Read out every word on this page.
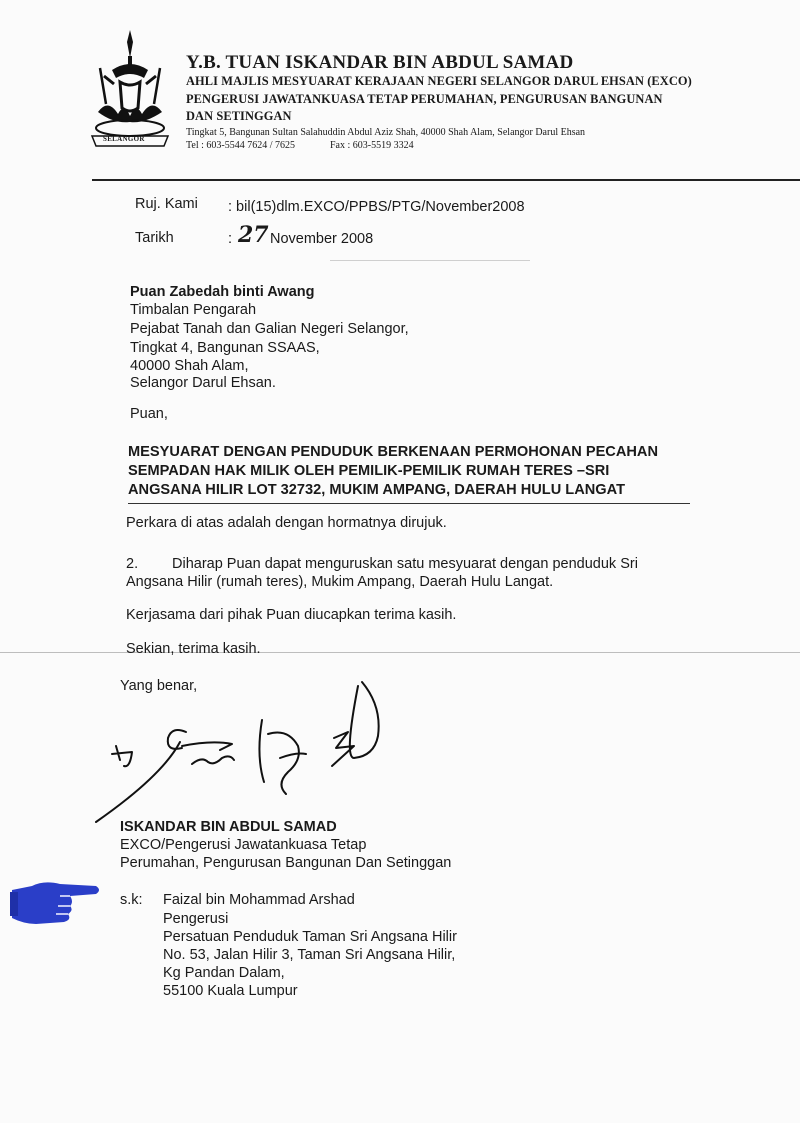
SELANGOR
Y.B. TUAN ISKANDAR BIN ABDUL SAMAD
AHLI MAJLIS MESYUARAT KERAJAAN NEGERI SELANGOR DARUL EHSAN (EXCO)
PENGERUSI JAWATANKUASA TETAP PERUMAHAN, PENGURUSAN BANGUNAN
DAN SETINGGAN
Tingkat 5, Bangunan Sultan Salahuddin Abdul Aziz Shah, 40000 Shah Alam, Selangor Darul Ehsan
Tel : 603-5544 7624 / 7625	Fax : 603-5519 3324
Ruj. Kami : bil(15)dlm.EXCO/PPBS/PTG/November2008
Tarikh	: 27 November 2008
Puan Zabedah binti Awang
Timbalan Pengarah
Pejabat Tanah dan Galian Negeri Selangor,
Tingkat 4, Bangunan SSAAS,
40000 Shah Alam,
Selangor Darul Ehsan.
Puan,
MESYUARAT DENGAN PENDUDUK BERKENAAN PERMOHONAN PECAHAN
SEMPADAN HAK MILIK OLEH PEMILIK-PEMILIK RUMAH TERES –SRI
ANGSANA HILIR LOT 32732, MUKIM AMPANG, DAERAH HULU LANGAT
Perkara di atas adalah dengan hormatnya dirujuk.
2. Diharap Puan dapat menguruskan satu mesyuarat dengan penduduk Sri
Angsana Hilir (rumah teres), Mukim Ampang, Daerah Hulu Langat.
Kerjasama dari pihak Puan diucapkan terima kasih.
Sekian, terima kasih.
Yang benar,
ISKANDAR BIN ABDUL SAMAD
EXCO/Pengerusi Jawatankuasa Tetap
Perumahan, Pengurusan Bangunan Dan Setinggan
s.k: Faizal bin Mohammad Arshad
Pengerusi
Persatuan Penduduk Taman Sri Angsana Hilir
No. 53, Jalan Hilir 3, Taman Sri Angsana Hilir,
Kg Pandan Dalam,
55100 Kuala Lumpur
